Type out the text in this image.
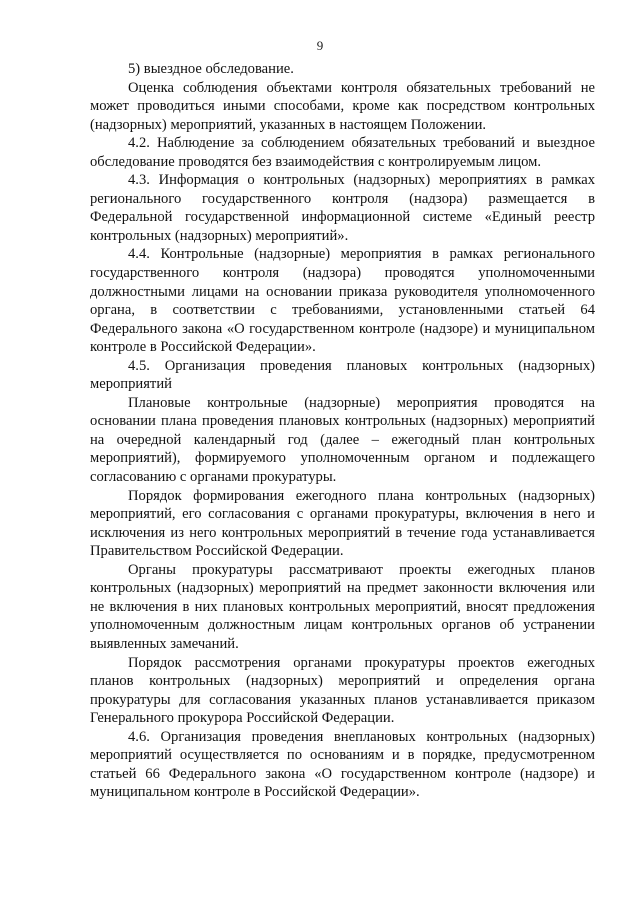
9

5) выездное обследование.

Оценка соблюдения объектами контроля обязательных требований не может проводиться иными способами, кроме как посредством контрольных (надзорных) мероприятий, указанных в настоящем Положении.

4.2. Наблюдение за соблюдением обязательных требований и выездное обследование проводятся без взаимодействия с контролируемым лицом.

4.3. Информация о контрольных (надзорных) мероприятиях в рамках регионального государственного контроля (надзора) размещается в Федеральной государственной информационной системе «Единый реестр контрольных (надзорных) мероприятий».

4.4. Контрольные (надзорные) мероприятия в рамках регионального государственного контроля (надзора) проводятся уполномоченными должностными лицами на основании приказа руководителя уполномоченного органа, в соответствии с требованиями, установленными статьей 64 Федерального закона «О государственном контроле (надзоре) и муниципальном контроле в Российской Федерации».

4.5. Организация проведения плановых контрольных (надзорных) мероприятий

Плановые контрольные (надзорные) мероприятия проводятся на основании плана проведения плановых контрольных (надзорных) мероприятий на очередной календарный год (далее – ежегодный план контрольных мероприятий), формируемого уполномоченным органом и подлежащего согласованию с органами прокуратуры.

Порядок формирования ежегодного плана контрольных (надзорных) мероприятий, его согласования с органами прокуратуры, включения в него и исключения из него контрольных мероприятий в течение года устанавливается Правительством Российской Федерации.

Органы прокуратуры рассматривают проекты ежегодных планов контрольных (надзорных) мероприятий на предмет законности включения или не включения в них плановых контрольных мероприятий, вносят предложения уполномоченным должностным лицам контрольных органов об устранении выявленных замечаний.

Порядок рассмотрения органами прокуратуры проектов ежегодных планов контрольных (надзорных) мероприятий и определения органа прокуратуры для согласования указанных планов устанавливается приказом Генерального прокурора Российской Федерации.

4.6. Организация проведения внеплановых контрольных (надзорных) мероприятий осуществляется по основаниям и в порядке, предусмотренном статьей 66 Федерального закона «О государственном контроле (надзоре) и муниципальном контроле в Российской Федерации».
